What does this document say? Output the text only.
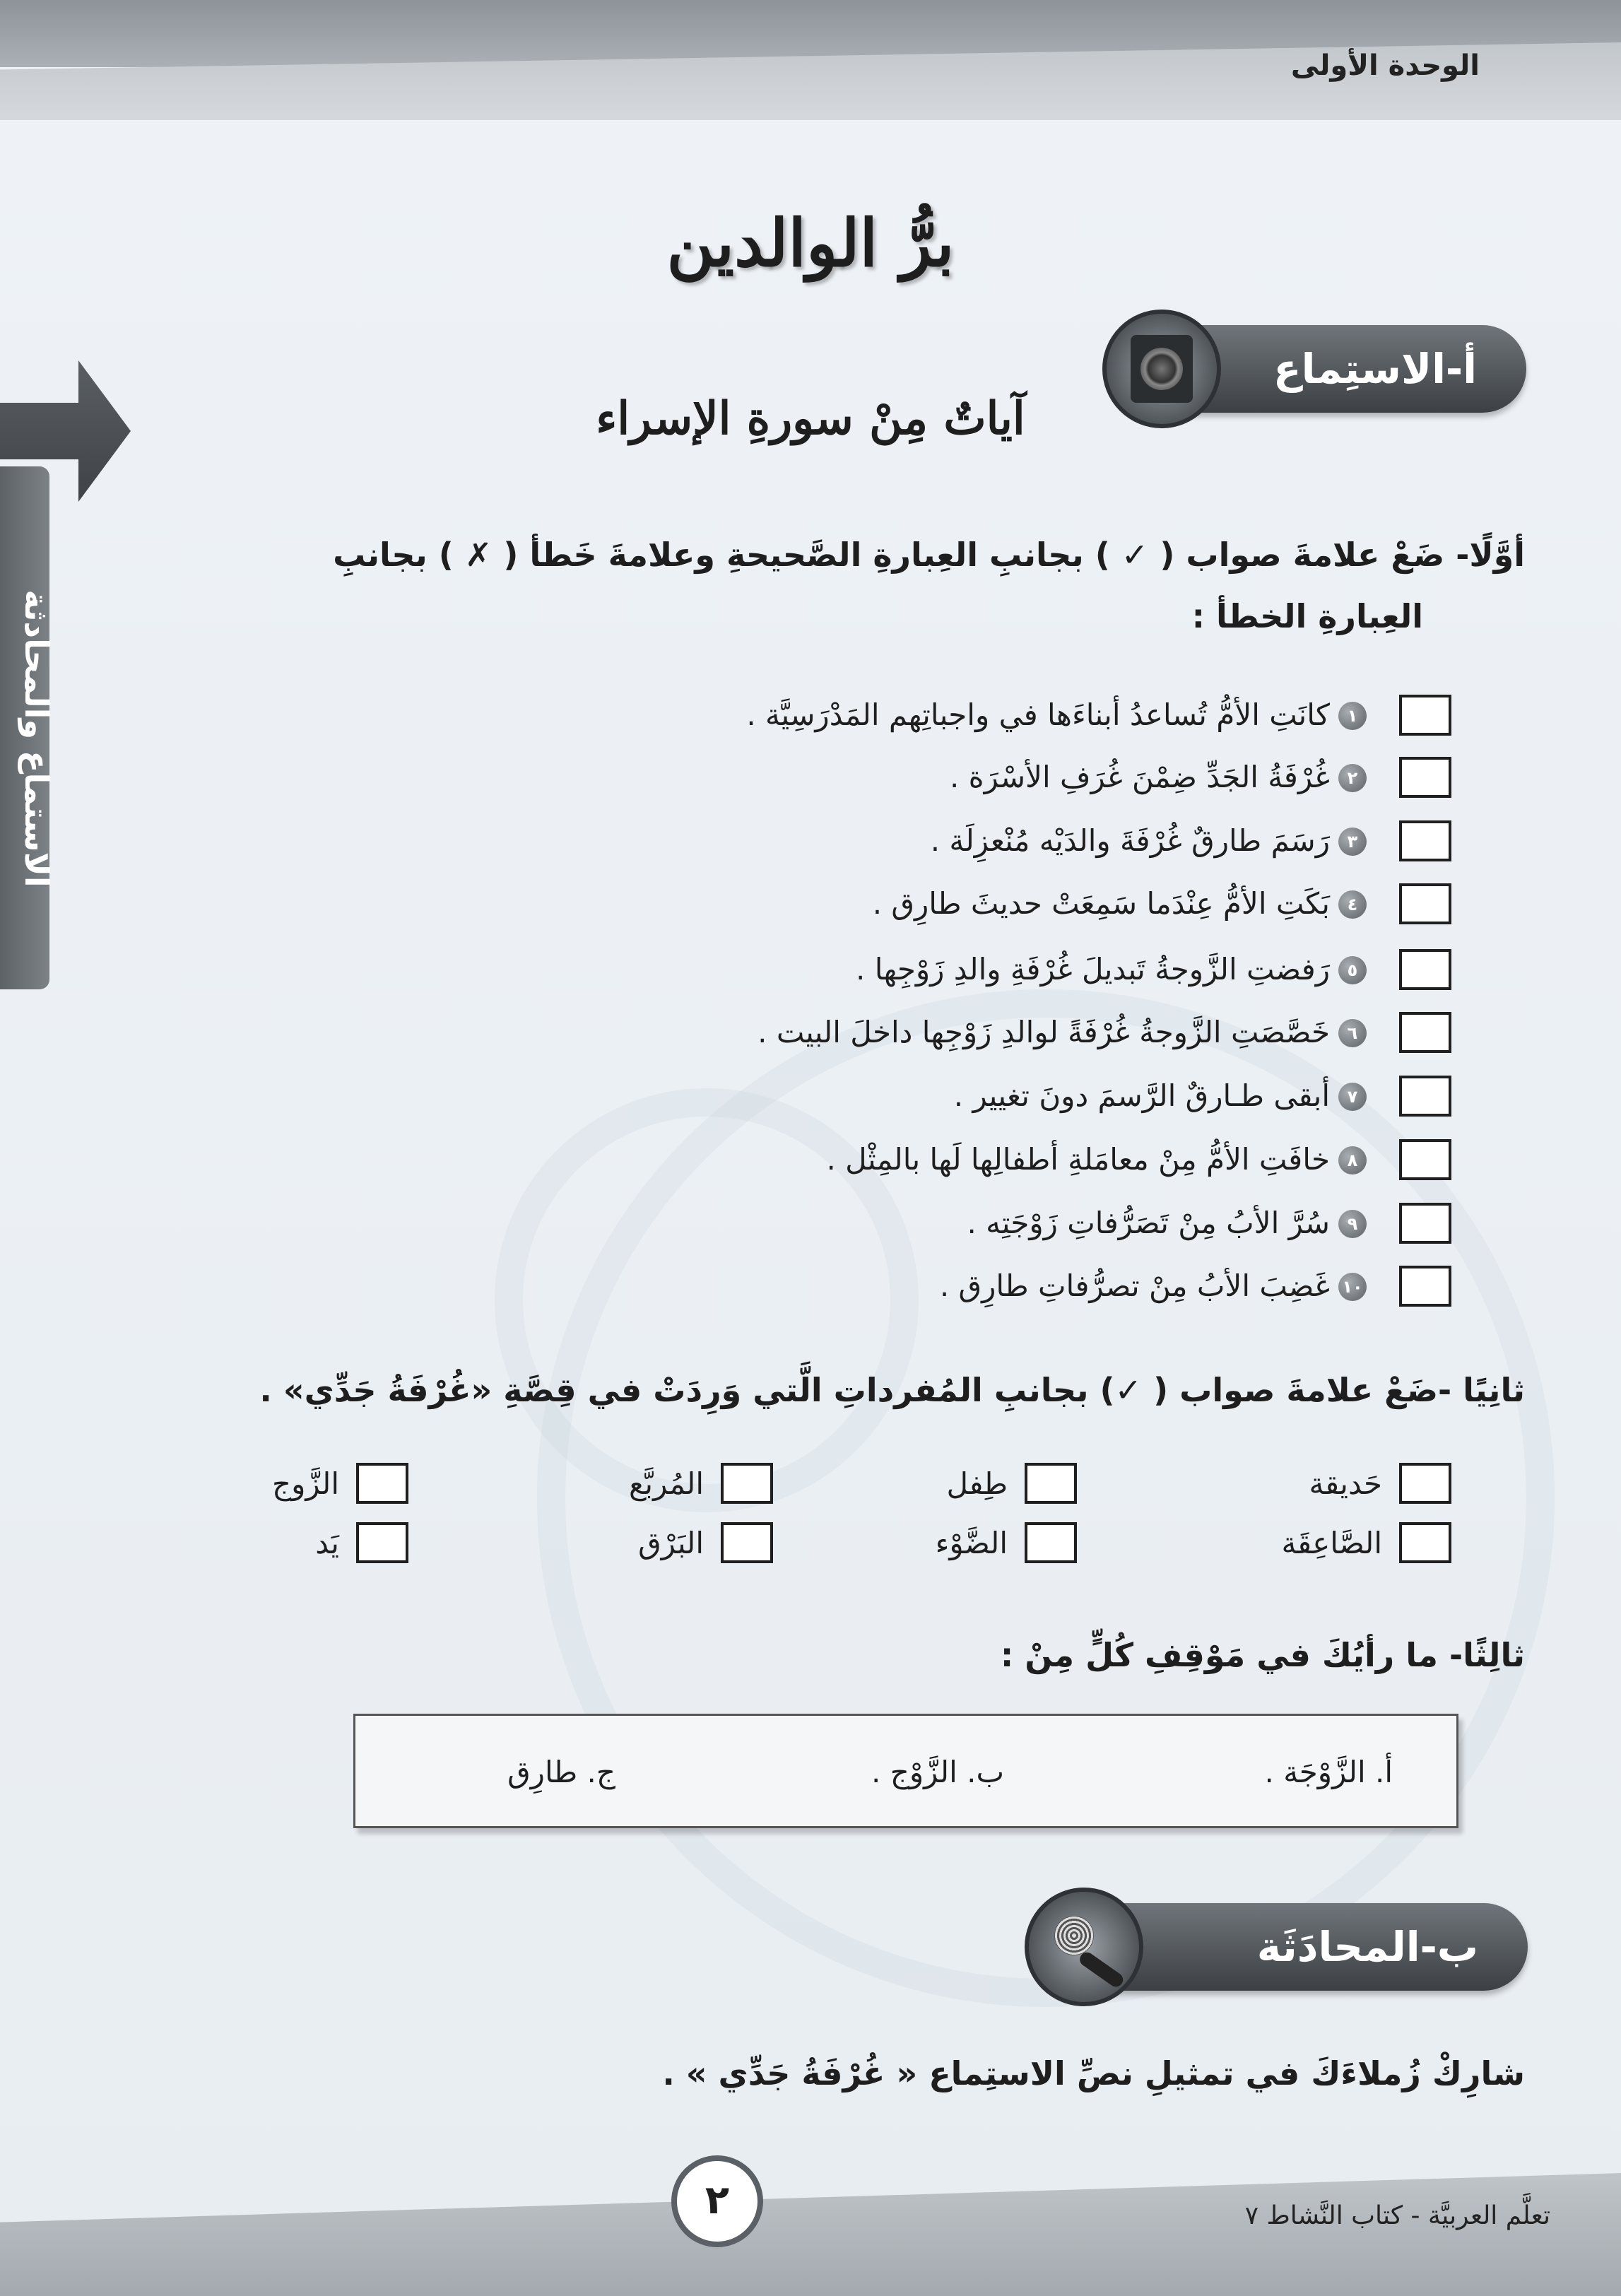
الوحدة الأولى
الاستماع والمحادثة
برُّ الوالدين
أ-الاستِماع
آياتٌ مِنْ سورةِ الإسراء
أوَّلًا- ضَعْ علامةَ صواب ( ✓ ) بجانبِ العِبارةِ الصَّحيحةِ وعلامةَ خَطأ ( ✗ ) بجانبِ
العِبارةِ الخطأ :
١
كانَتِ الأمُّ تُساعدُ أبناءَها في واجباتِهم المَدْرَسِيَّة .
٢
غُرْفَةُ الجَدِّ ضِمْنَ غُرَفِ الأسْرَة .
٣
رَسَمَ طارقٌ غُرْفَةَ والدَيْه مُنْعزِلَة .
٤
بَكَتِ الأمُّ عِنْدَما سَمِعَتْ حديثَ طارِق .
٥
رَفضتِ الزَّوجةُ تَبديلَ غُرْفَةِ والدِ زَوْجِها .
٦
خَصَّصَتِ الزَّوجةُ غُرْفَةً لوالدِ زَوْجِها داخلَ البيت .
٧
أبقى طـارقٌ الرَّسمَ دونَ تغيير .
٨
خافَتِ الأمُّ مِنْ معامَلةِ أطفالِها لَها بالمِثْل .
٩
سُرَّ الأبُ مِنْ تَصَرُّفاتِ زَوْجَتِه .
١٠
غَضِبَ الأبُ مِنْ تصرُّفاتِ طارِق .
ثانِيًا -ضَعْ علامةَ صواب ( ✓) بجانبِ المُفرداتِ الَّتي وَرِدَتْ في قِصَّةِ «غُرْفَةُ جَدِّي» .
حَديقة
طِفل
المُربَّع
الزَّوج
الصَّاعِقَة
الضَّوْء
البَرْق
يَد
ثالِثًا- ما رأيُكَ في مَوْقِفِ كُلٍّ مِنْ :
أ. الزَّوْجَة .
ب. الزَّوْج .
ج. طارِق
ب-المحادَثَة
شارِكْ زُملاءَكَ في تمثيلِ نصِّ الاستِماع « غُرْفَةُ جَدِّي » .
٢	تعلَّم العربيَّة - كتاب النَّشاط ٧
